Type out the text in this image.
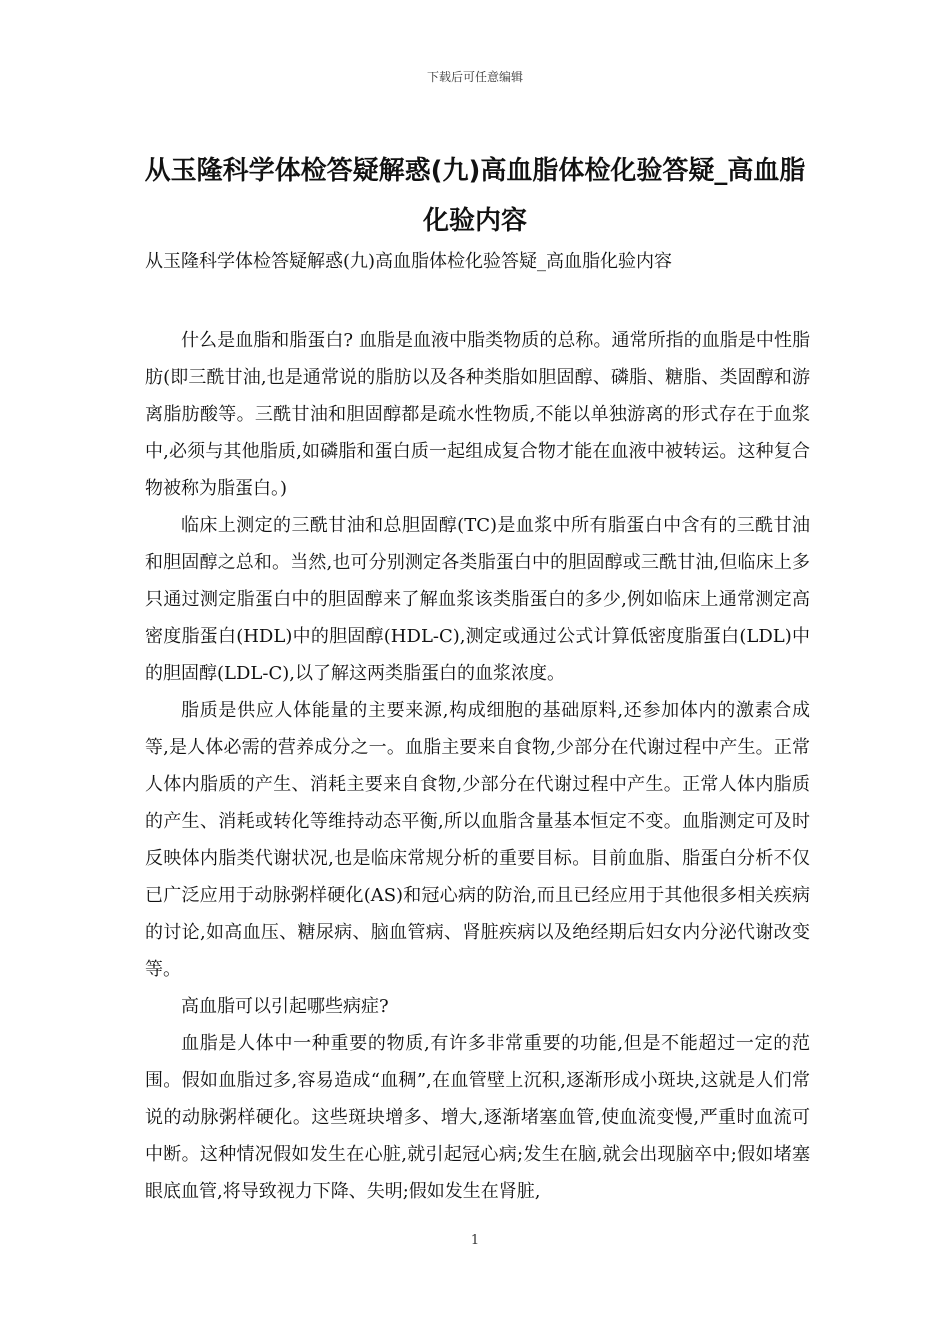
下载后可任意编辑
从玉隆科学体检答疑解惑(九)高血脂体检化验答疑_高血脂化验内容
从玉隆科学体检答疑解惑(九)高血脂体检化验答疑_高血脂化验内容

什么是血脂和脂蛋白? 血脂是血液中脂类物质的总称。通常所指的血脂是中性脂肪(即三酰甘油,也是通常说的脂肪以及各种类脂如胆固醇、磷脂、糖脂、类固醇和游离脂肪酸等。三酰甘油和胆固醇都是疏水性物质,不能以单独游离的形式存在于血浆中,必须与其他脂质,如磷脂和蛋白质一起组成复合物才能在血液中被转运。这种复合物被称为脂蛋白。)

临床上测定的三酰甘油和总胆固醇(TC)是血浆中所有脂蛋白中含有的三酰甘油和胆固醇之总和。当然,也可分别测定各类脂蛋白中的胆固醇或三酰甘油,但临床上多只通过测定脂蛋白中的胆固醇来了解血浆该类脂蛋白的多少,例如临床上通常测定高密度脂蛋白(HDL)中的胆固醇(HDL-C),测定或通过公式计算低密度脂蛋白(LDL)中的胆固醇(LDL-C),以了解这两类脂蛋白的血浆浓度。

脂质是供应人体能量的主要来源,构成细胞的基础原料,还参加体内的激素合成等,是人体必需的营养成分之一。血脂主要来自食物,少部分在代谢过程中产生。正常人体内脂质的产生、消耗主要来自食物,少部分在代谢过程中产生。正常人体内脂质的产生、消耗或转化等维持动态平衡,所以血脂含量基本恒定不变。血脂测定可及时反映体内脂类代谢状况,也是临床常规分析的重要目标。目前血脂、脂蛋白分析不仅已广泛应用于动脉粥样硬化(AS)和冠心病的防治,而且已经应用于其他很多相关疾病的讨论,如高血压、糖尿病、脑血管病、肾脏疾病以及绝经期后妇女内分泌代谢改变等。

高血脂可以引起哪些病症?

血脂是人体中一种重要的物质,有许多非常重要的功能,但是不能超过一定的范围。假如血脂过多,容易造成“血稠”,在血管壁上沉积,逐渐形成小斑块,这就是人们常说的动脉粥样硬化。这些斑块增多、增大,逐渐堵塞血管,使血流变慢,严重时血流可中断。这种情况假如发生在心脏,就引起冠心病;发生在脑,就会出现脑卒中;假如堵塞眼底血管,将导致视力下降、失明;假如发生在肾脏,

1
